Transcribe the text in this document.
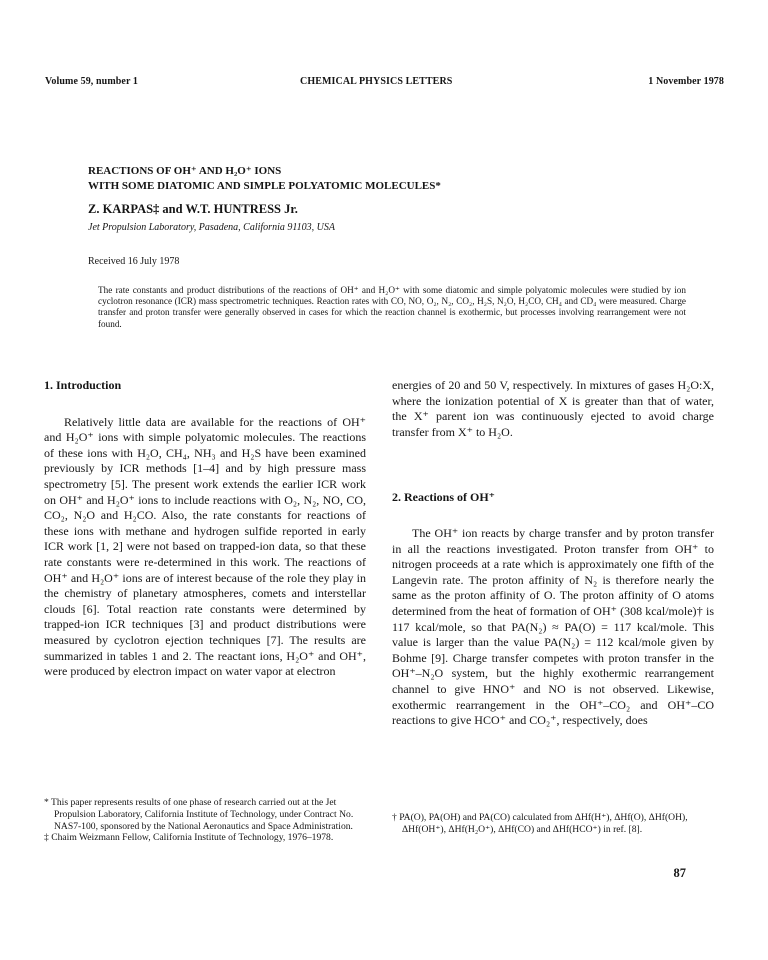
Volume 59, number 1	CHEMICAL PHYSICS LETTERS	1 November 1978
REACTIONS OF OH⁺ AND H₂O⁺ IONS
WITH SOME DIATOMIC AND SIMPLE POLYATOMIC MOLECULES*
Z. KARPAS‡ and W.T. HUNTRESS Jr.
Jet Propulsion Laboratory, Pasadena, California 91103, USA
Received 16 July 1978

The rate constants and product distributions of the reactions of OH⁺ and H₂O⁺ with some diatomic and simple polyatomic molecules were studied by ion cyclotron resonance (ICR) mass spectrometric techniques. Reaction rates with CO, NO, O₂, N₂, CO₂, H₂S, N₂O, H₂CO, CH₄ and CD₄ were measured. Charge transfer and proton transfer were generally observed in cases for which the reaction channel is exothermic, but processes involving rearrangement were not found.

1. Introduction

Relatively little data are available for the reactions of OH⁺ and H₂O⁺ ions with simple polyatomic molecules. The reactions of these ions with H₂O, CH₄, NH₃ and H₂S have been examined previously by ICR methods [1–4] and by high pressure mass spectrometry [5]. The present work extends the earlier ICR work on OH⁺ and H₂O⁺ ions to include reactions with O₂, N₂, NO, CO, CO₂, N₂O and H₂CO. Also, the rate constants for reactions of these ions with methane and hydrogen sulfide reported in early ICR work [1, 2] were not based on trapped-ion data, so that these rate constants were re-determined in this work. The reactions of OH⁺ and H₂O⁺ ions are of interest because of the role they play in the chemistry of planetary atmospheres, comets and interstellar clouds [6]. Total reaction rate constants were determined by trapped-ion ICR techniques [3] and product distributions were measured by cyclotron ejection techniques [7]. The results are summarized in tables 1 and 2. The reactant ions, H₂O⁺ and OH⁺, were produced by electron impact on water vapor at electron

* This paper represents results of one phase of research carried out at the Jet Propulsion Laboratory, California Institute of Technology, under Contract No. NAS7-100, sponsored by the National Aeronautics and Space Administration.

‡ Chaim Weizmann Fellow, California Institute of Technology, 1976–1978.

energies of 20 and 50 V, respectively. In mixtures of gases H₂O:X, where the ionization potential of X is greater than that of water, the X⁺ parent ion was continuously ejected to avoid charge transfer from X⁺ to H₂O.

2. Reactions of OH⁺

The OH⁺ ion reacts by charge transfer and by proton transfer in all the reactions investigated. Proton transfer from OH⁺ to nitrogen proceeds at a rate which is approximately one fifth of the Langevin rate. The proton affinity of N₂ is therefore nearly the same as the proton affinity of O. The proton affinity of O atoms determined from the heat of formation of OH⁺ (308 kcal/mole)† is 117 kcal/mole, so that PA(N₂) ≈ PA(O) = 117 kcal/mole. This value is larger than the value PA(N₂) = 112 kcal/mole given by Bohme [9]. Charge transfer competes with proton transfer in the OH⁺–N₂O system, but the highly exothermic rearrangement channel to give HNO⁺ and NO is not observed. Likewise, exothermic rearrangement in the OH⁺–CO₂ and OH⁺–CO reactions to give HCO⁺ and CO₂⁺, respectively, does

† PA(O), PA(OH) and PA(CO) calculated from ΔHf(H⁺), ΔHf(O), ΔHf(OH), ΔHf(OH⁺), ΔHf(H₂O⁺), ΔHf(CO) and ΔHf(HCO⁺) in ref. [8].

87
